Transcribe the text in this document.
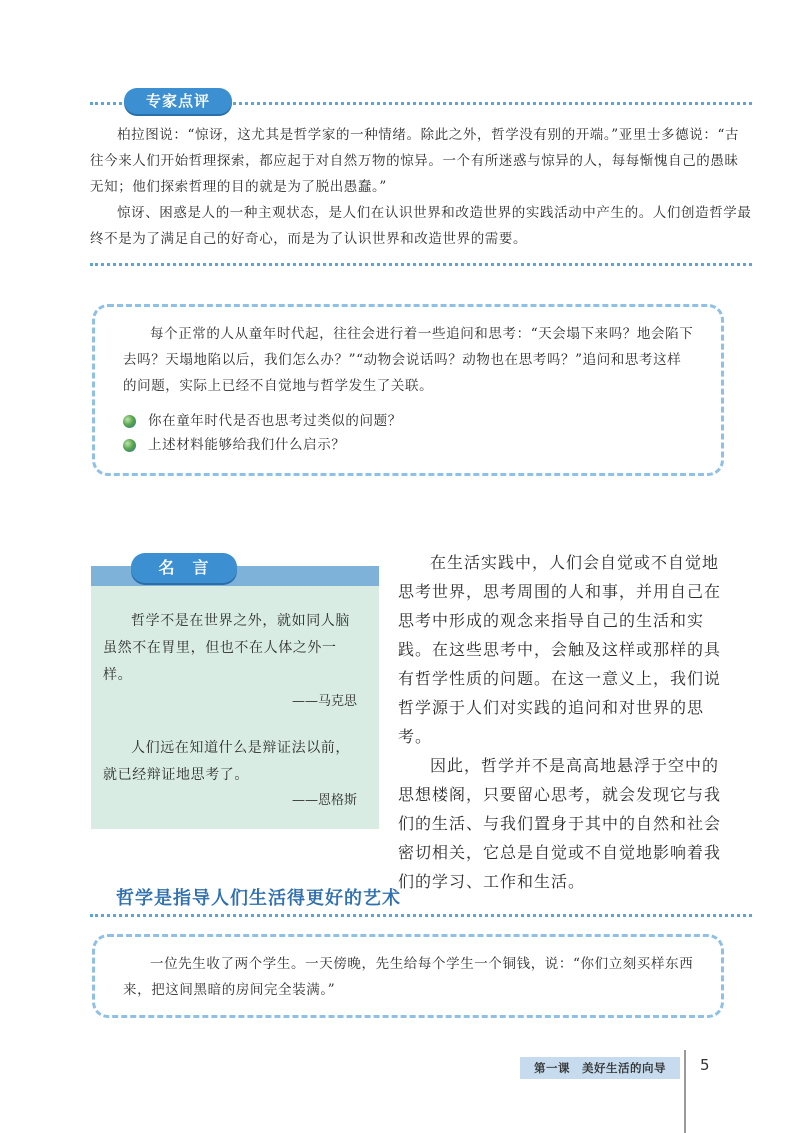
专家点评

柏拉图说：“惊讶，这尤其是哲学家的一种情绪。除此之外，哲学没有别的开端。”亚里士多德说：“古往今来人们开始哲理探索，都应起于对自然万物的惊异。一个有所迷惑与惊异的人，每每惭愧自己的愚昧无知；他们探索哲理的目的就是为了脱出愚蠢。”

惊讶、困惑是人的一种主观状态，是人们在认识世界和改造世界的实践活动中产生的。人们创造哲学最终不是为了满足自己的好奇心，而是为了认识世界和改造世界的需要。

每个正常的人从童年时代起，往往会进行着一些追问和思考：“天会塌下来吗？地会陷下去吗？天塌地陷以后，我们怎么办？”“动物会说话吗？动物也在思考吗？”追问和思考这样的问题，实际上已经不自觉地与哲学发生了关联。

你在童年时代是否也思考过类似的问题？
上述材料能够给我们什么启示？
名　言

哲学不是在世界之外，就如同人脑虽然不在胃里，但也不在人体之外一样。

——马克思

人们远在知道什么是辩证法以前，就已经辩证地思考了。

——恩格斯

在生活实践中，人们会自觉或不自觉地思考世界，思考周围的人和事，并用自己在思考中形成的观念来指导自己的生活和实践。在这些思考中，会触及这样或那样的具有哲学性质的问题。在这一意义上，我们说哲学源于人们对实践的追问和对世界的思考。

因此，哲学并不是高高地悬浮于空中的思想楼阁，只要留心思考，就会发现它与我们的生活、与我们置身于其中的自然和社会密切相关，它总是自觉或不自觉地影响着我们的学习、工作和生活。

哲学是指导人们生活得更好的艺术

一位先生收了两个学生。一天傍晚，先生给每个学生一个铜钱，说：“你们立刻买样东西来，把这间黑暗的房间完全装满。”

第一课　美好生活的向导 5
